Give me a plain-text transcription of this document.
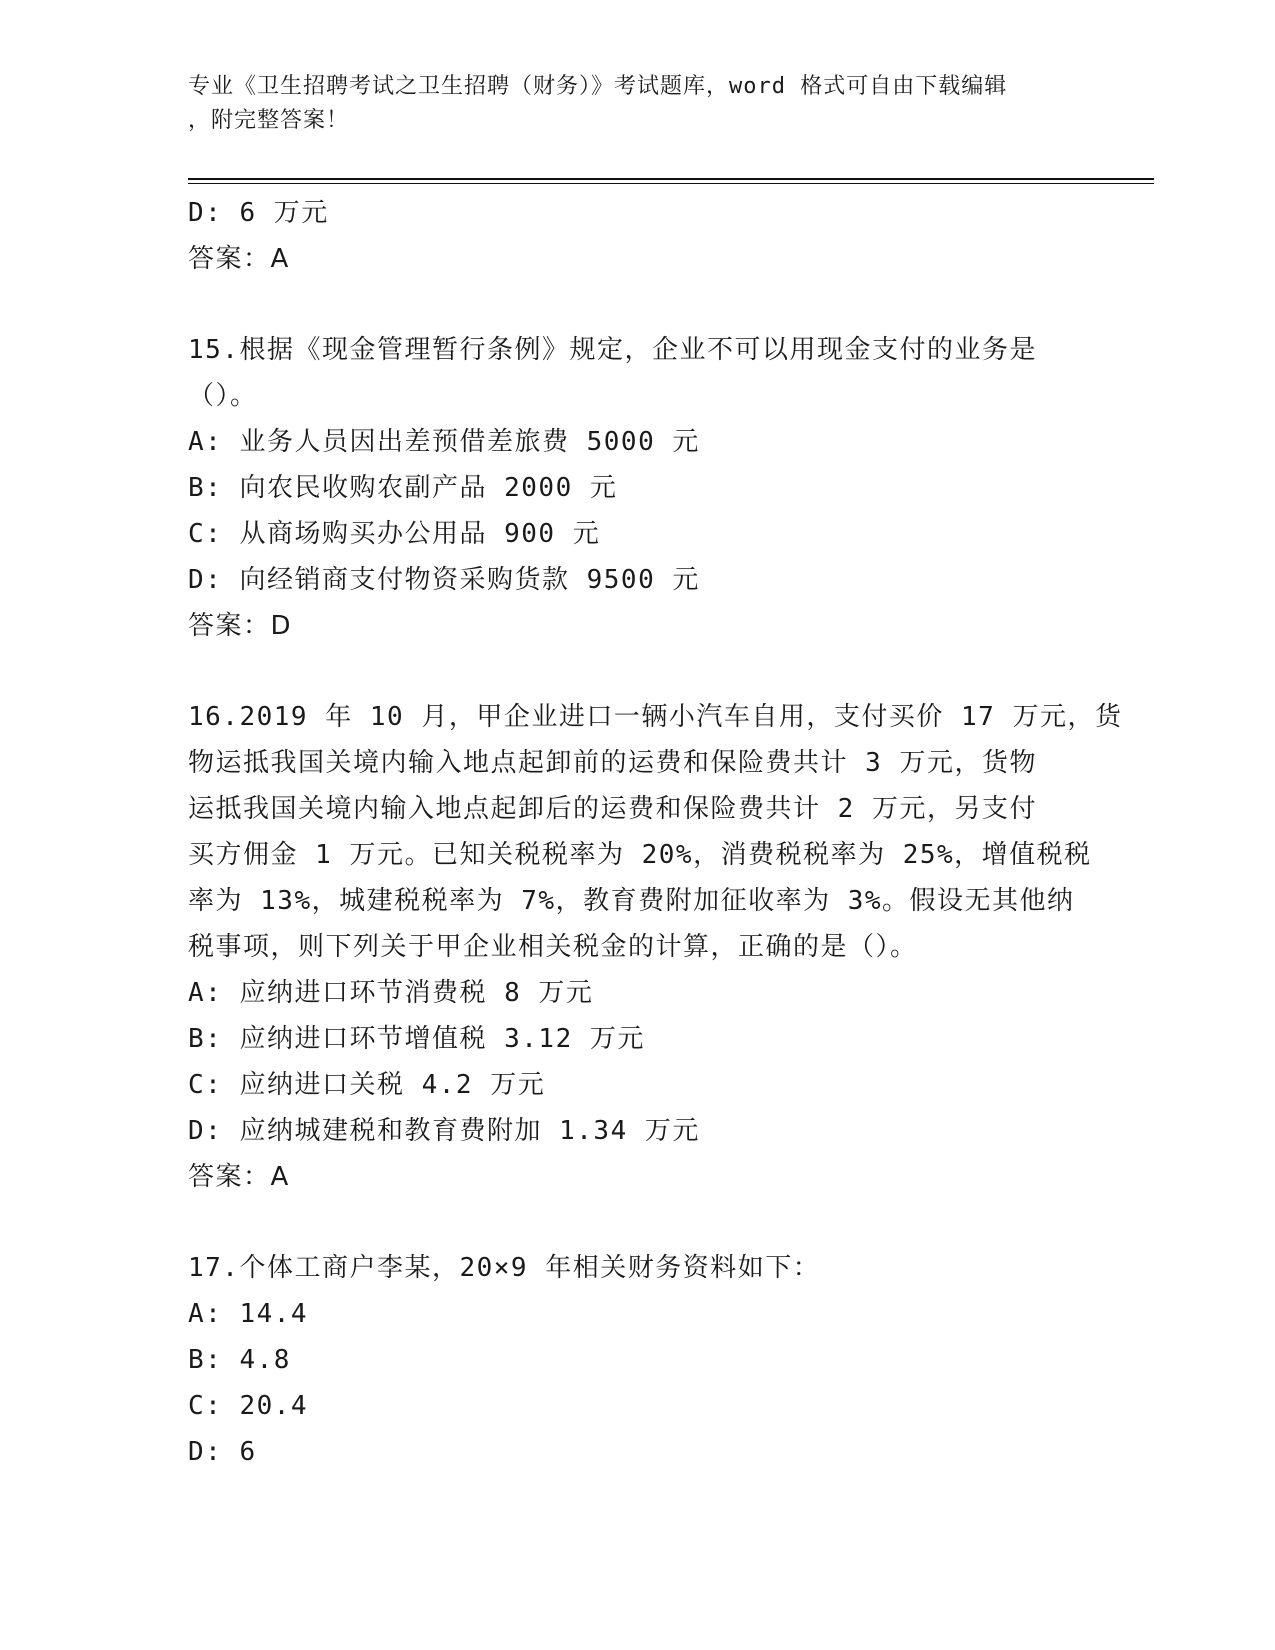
专业《卫生招聘考试之卫生招聘（财务）》考试题库，word 格式可自由下载编辑
，附完整答案！
D: 6 万元
答案：A
15.根据《现金管理暂行条例》规定，企业不可以用现金支付的业务是
（）。
A: 业务人员因出差预借差旅费 5000 元
B: 向农民收购农副产品 2000 元
C: 从商场购买办公用品 900 元
D: 向经销商支付物资采购货款 9500 元
答案：D
16.2019 年 10 月，甲企业进口一辆小汽车自用，支付买价 17 万元，货
物运抵我国关境内输入地点起卸前的运费和保险费共计 3 万元，货物
运抵我国关境内输入地点起卸后的运费和保险费共计 2 万元，另支付
买方佣金 1 万元。已知关税税率为 20%，消费税税率为 25%，增值税税
率为 13%，城建税税率为 7%，教育费附加征收率为 3%。假设无其他纳
税事项，则下列关于甲企业相关税金的计算，正确的是（）。
A: 应纳进口环节消费税 8 万元
B: 应纳进口环节增值税 3.12 万元
C: 应纳进口关税 4.2 万元
D: 应纳城建税和教育费附加 1.34 万元
答案：A
17.个体工商户李某，20×9 年相关财务资料如下：
A: 14.4
B: 4.8
C: 20.4
D: 6
